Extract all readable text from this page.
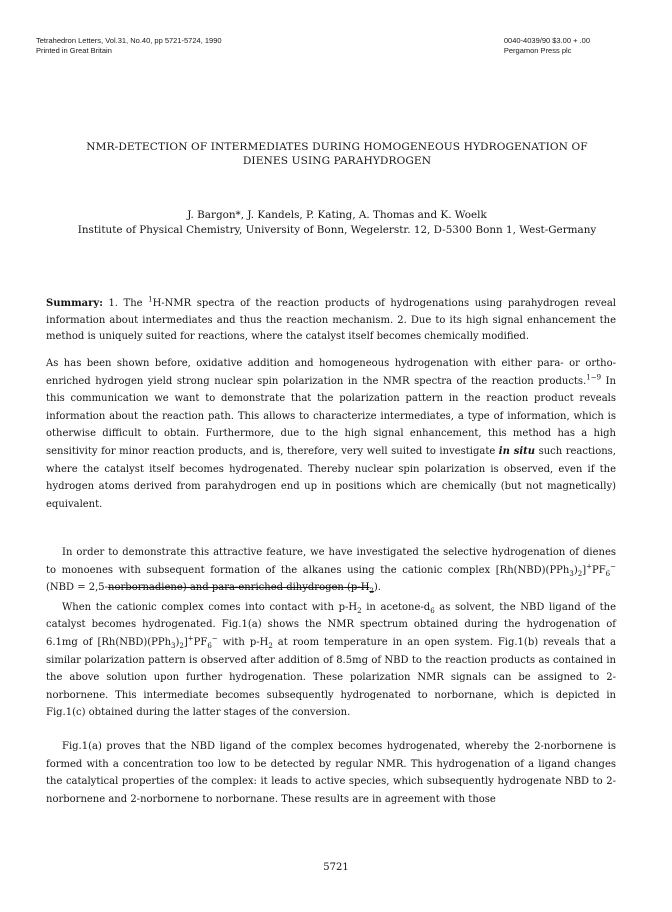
Tetrahedron Letters, Vol.31, No.40, pp 5721-5724, 1990
Printed in Great Britain
0040-4039/90 $3.00 + .00
Pergamon Press plc
NMR-DETECTION OF INTERMEDIATES DURING HOMOGENEOUS HYDROGENATION OF
DIENES USING PARAHYDROGEN
J. Bargon*, J. Kandels, P. Kating, A. Thomas and K. Woelk
Institute of Physical Chemistry, University of Bonn, Wegelerstr. 12, D-5300 Bonn 1, West-Germany

Summary: 1. The $^1$H-NMR spectra of the reaction products of hydrogenations using parahydrogen reveal information about intermediates and thus the reaction mechanism. 2. Due to its high signal enhancement the method is uniquely suited for reactions, where the catalyst itself becomes chemically modified.

As has been shown before, oxidative addition and homogeneous hydrogenation with either para- or ortho-enriched hydrogen yield strong nuclear spin polarization in the NMR spectra of the reaction products.$^{1-9}$ In this communication we want to demonstrate that the polarization pattern in the reaction product reveals information about the reaction path. This allows to characterize intermediates, a type of information, which is otherwise difficult to obtain. Furthermore, due to the high signal enhancement, this method has a high sensitivity for minor reaction products, and is, therefore, very well suited to investigate in situ such reactions, where the catalyst itself becomes hydrogenated. Thereby nuclear spin polarization is observed, even if the hydrogen atoms derived from parahydrogen end up in positions which are chemically (but not magnetically) equivalent.

In order to demonstrate this attractive feature, we have investigated the selective hydrogenation of dienes to monoenes with subsequent formation of the alkanes using the cationic complex $[Rh(NBD)(PPh_3)_2]^+PF_6^-$ (NBD = 2,5-norbornadiene) and para-enriched dihydrogen $(p-H_2)$.

When the cationic complex comes into contact with $p-H_2$ in acetone-$d_6$ as solvent, the NBD ligand of the catalyst becomes hydrogenated. Fig.1(a) shows the NMR spectrum obtained during the hydrogenation of 6.1mg of $[Rh(NBD)(PPh_3)_2]^+PF_6^-$ with $p-H_2$ at room temperature in an open system. Fig.1(b) reveals that a similar polarization pattern is observed after addition of 8.5mg of NBD to the reaction products as contained in the above solution upon further hydrogenation. These polarization NMR signals can be assigned to 2-norbornene. This intermediate becomes subsequently hydrogenated to norbornane, which is depicted in Fig.1(c) obtained during the latter stages of the conversion.

Fig.1(a) proves that the NBD ligand of the complex becomes hydrogenated, whereby the 2-norbornene is formed with a concentration too low to be detected by regular NMR. This hydrogenation of a ligand changes the catalytical properties of the complex: it leads to active species, which subsequently hydrogenate NBD to 2-norbornene and 2-norbornene to norbornane. These results are in agreement with those

5721
